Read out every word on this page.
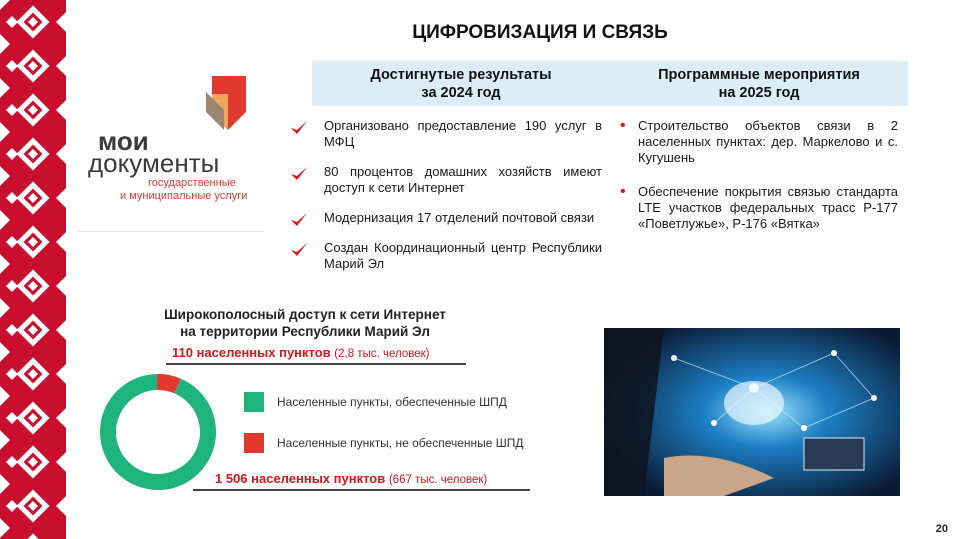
ЦИФРОВИЗАЦИЯ И СВЯЗЬ
мои
документы
государственные
и муниципальные услуги
Достигнутые результаты
за 2024 год
Программные мероприятия
на 2025 год
Организовано предоставление 190 услуг в МФЦ
80 процентов домашних хозяйств имеют доступ к сети Интернет
Модернизация 17 отделений почтовой связи
Создан Координационный центр Республики Марий Эл
• Строительство объектов связи в 2 населенных пунктах: дер. Маркелово и с. Кугушень
• Обеспечение покрытия связью стандарта LTE участков федеральных трасс Р-177 «Поветлужье», Р-176 «Вятка»
Широкополосный доступ к сети Интернет
на территории Республики Марий Эл
110 населенных пунктов (2,8 тыс. человек)
Населенные пункты, обеспеченные ШПД
Населенные пункты, не обеспеченные ШПД
1 506 населенных пунктов (667 тыс. человек)
20
